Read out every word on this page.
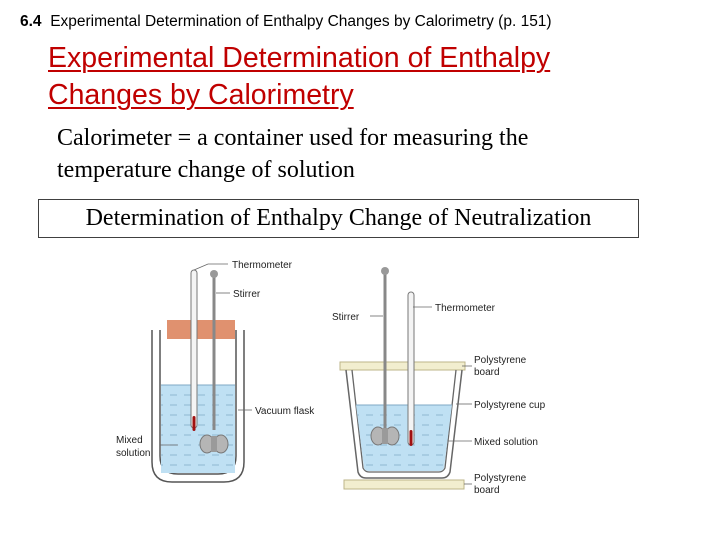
6.4 Experimental Determination of Enthalpy Changes by Calorimetry (p. 151)
Experimental Determination of Enthalpy
Changes by Calorimetry
Calorimeter = a container used for measuring the
temperature change of solution
Determination of Enthalpy Change of Neutralization
Thermometer
Stirrer
Vacuum flask
Mixed
solution
Stirrer
Thermometer
Polystyrene
board
Polystyrene cup
Mixed solution
Polystyrene
board
